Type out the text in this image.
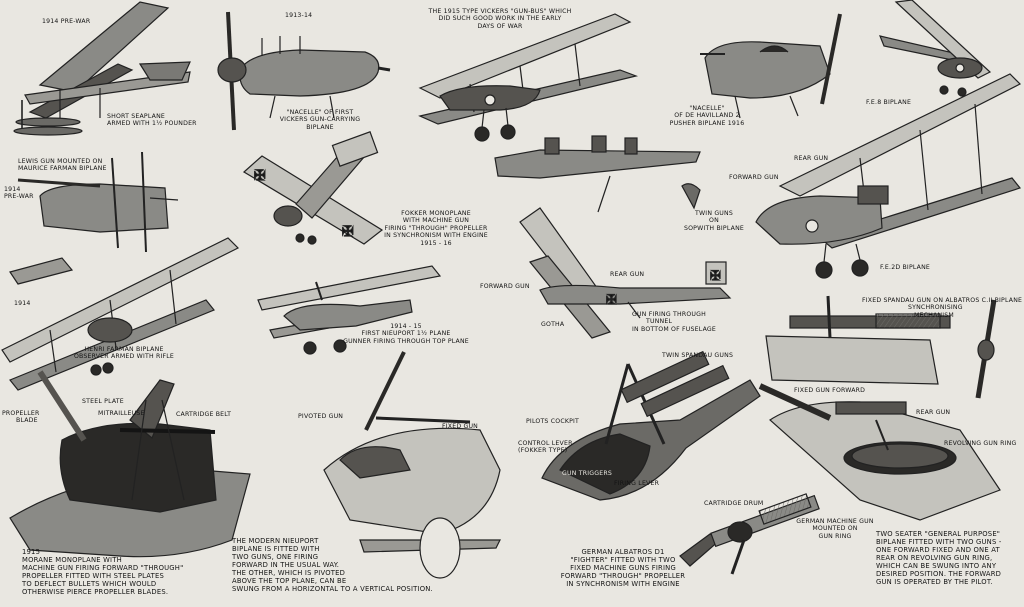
✠
✠
✠
✠
1914 PRE-WAR
1913-14
SHORT SEAPLANE
ARMED WITH 1½ POUNDER
"NACELLE" OF FIRST
VICKERS GUN-CARRYING
BIPLANE
THE 1915 TYPE VICKERS "GUN-BUS" WHICH
DID SUCH GOOD WORK IN THE EARLY
DAYS OF WAR
"NACELLE"
OF DE HAVILLAND 2
PUSHER BIPLANE 1916
F.E.8 BIPLANE
LEWIS GUN MOUNTED ON
MAURICE FARMAN BIPLANE
1914
PRE-WAR
FOKKER MONOPLANE
WITH MACHINE GUN
FIRING "THROUGH" PROPELLER
IN SYNCHRONISM WITH ENGINE
1915 - 16
TWIN GUNS
ON
SOPWITH BIPLANE
REAR GUN
FORWARD GUN
F.E.2D BIPLANE
1914
HENRI FARMAN BIPLANE
OBSERVER ARMED WITH RIFLE
1914 - 15
FIRST NIEUPORT 1½ PLANE
GUNNER FIRING THROUGH TOP PLANE
FORWARD GUN
REAR GUN
GOTHA
GUN FIRING THROUGH
TUNNEL
IN BOTTOM OF FUSELAGE
FIXED SPANDAU GUN ON ALBATROS C.II BIPLANE
SYNCHRONISING
MECHANISM
PROPELLER
BLADE
STEEL PLATE
MITRAILLEUSE	CARTRIDGE BELT	PIVOTED GUN
FIXED GUN
TWIN SPANDAU GUNS
PILOTS COCKPIT
CONTROL LEVER
(FOKKER TYPE)
GUN TRIGGERS
FIRING LEVER
FIXED GUN FORWARD
REAR GUN
REVOLVING GUN RING
1915
MORANE MONOPLANE WITH
MACHINE GUN FIRING FORWARD "THROUGH"
PROPELLER FITTED WITH STEEL PLATES
TO DEFLECT BULLETS WHICH WOULD
OTHERWISE PIERCE PROPELLER BLADES.
THE MODERN NIEUPORT
BIPLANE IS FITTED WITH
TWO GUNS, ONE FIRING
FORWARD IN THE USUAL WAY.
THE OTHER, WHICH IS PIVOTED
ABOVE THE TOP PLANE, CAN BE
SWUNG FROM A HORIZONTAL TO A VERTICAL POSITION.
CARTRIDGE DRUM
GERMAN ALBATROS D1
"FIGHTER" FITTED WITH TWO
FIXED MACHINE GUNS FIRING
FORWARD "THROUGH" PROPELLER
IN SYNCHRONISM WITH ENGINE
GERMAN MACHINE GUN
MOUNTED ON
GUN RING	TWO SEATER "GENERAL PURPOSE"
BIPLANE FITTED WITH TWO GUNS -
ONE FORWARD FIXED AND ONE AT
REAR ON REVOLVING GUN RING,
WHICH CAN BE SWUNG INTO ANY
DESIRED POSITION. THE FORWARD
GUN IS OPERATED BY THE PILOT.
